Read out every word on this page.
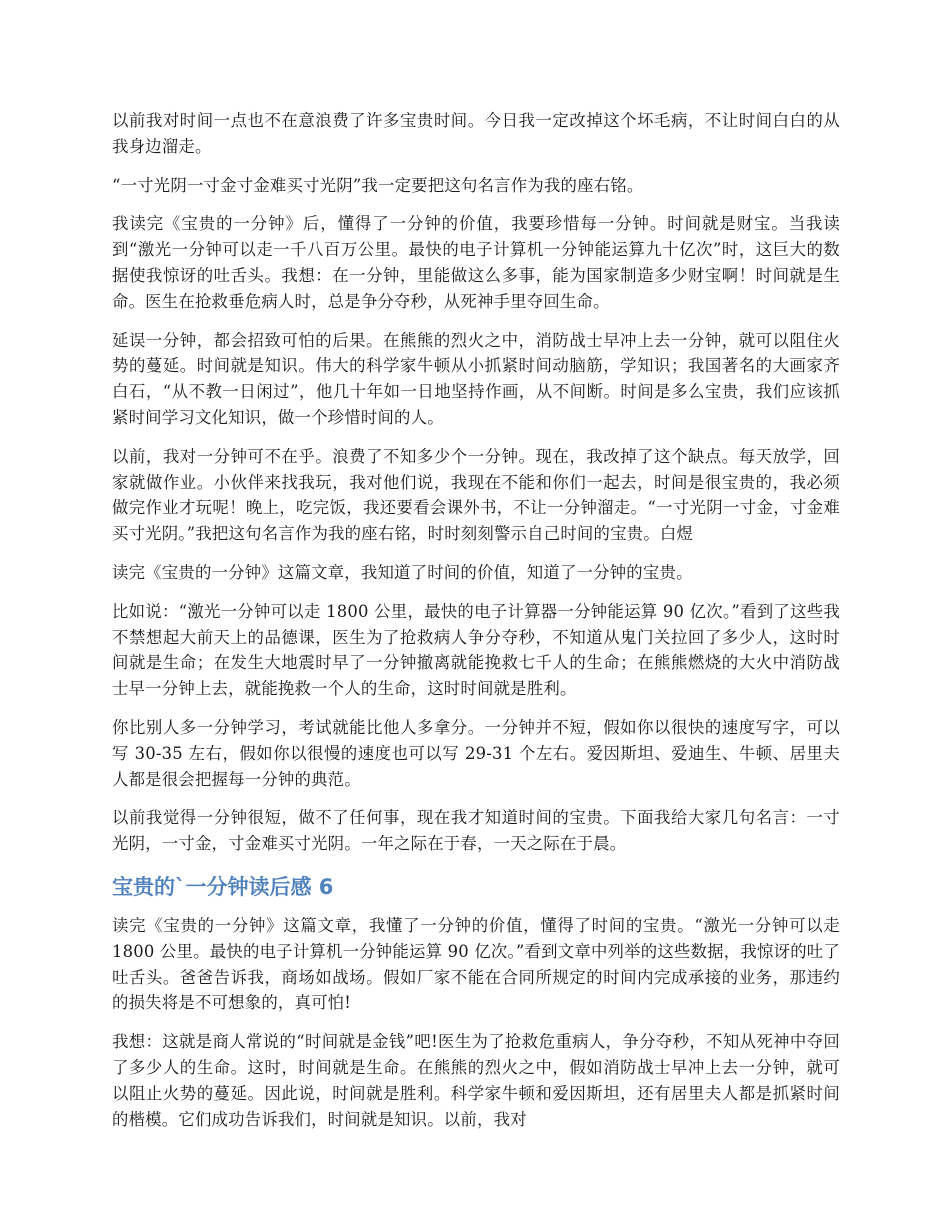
以前我对时间一点也不在意浪费了许多宝贵时间。今日我一定改掉这个坏毛病，不让时间白白的从我身边溜走。

“一寸光阴一寸金寸金难买寸光阴”我一定要把这句名言作为我的座右铭。

我读完《宝贵的一分钟》后，懂得了一分钟的价值，我要珍惜每一分钟。时间就是财宝。当我读到“激光一分钟可以走一千八百万公里。最快的电子计算机一分钟能运算九十亿次”时，这巨大的数据使我惊讶的吐舌头。我想：在一分钟，里能做这么多事，能为国家制造多少财宝啊！时间就是生命。医生在抢救垂危病人时，总是争分夺秒，从死神手里夺回生命。

延误一分钟，都会招致可怕的后果。在熊熊的烈火之中，消防战士早冲上去一分钟，就可以阻住火势的蔓延。时间就是知识。伟大的科学家牛顿从小抓紧时间动脑筋，学知识；我国著名的大画家齐白石，“从不教一日闲过”，他几十年如一日地坚持作画，从不间断。时间是多么宝贵，我们应该抓紧时间学习文化知识，做一个珍惜时间的人。

以前，我对一分钟可不在乎。浪费了不知多少个一分钟。现在，我改掉了这个缺点。每天放学，回家就做作业。小伙伴来找我玩，我对他们说，我现在不能和你们一起去，时间是很宝贵的，我必须做完作业才玩呢！晚上，吃完饭，我还要看会课外书，不让一分钟溜走。“一寸光阴一寸金，寸金难买寸光阴。”我把这句名言作为我的座右铭，时时刻刻警示自己时间的宝贵。白煜

读完《宝贵的一分钟》这篇文章，我知道了时间的价值，知道了一分钟的宝贵。

比如说：“激光一分钟可以走 1800 公里，最快的电子计算器一分钟能运算 90 亿次。”看到了这些我不禁想起大前天上的品德课，医生为了抢救病人争分夺秒，不知道从鬼门关拉回了多少人，这时时间就是生命；在发生大地震时早了一分钟撤离就能挽救七千人的生命；在熊熊燃烧的大火中消防战士早一分钟上去，就能挽救一个人的生命，这时时间就是胜利。

你比别人多一分钟学习，考试就能比他人多拿分。一分钟并不短，假如你以很快的速度写字，可以写 30-35 左右，假如你以很慢的速度也可以写 29-31 个左右。爱因斯坦、爱迪生、牛顿、居里夫人都是很会把握每一分钟的典范。

以前我觉得一分钟很短，做不了任何事，现在我才知道时间的宝贵。下面我给大家几句名言：一寸光阴，一寸金，寸金难买寸光阴。一年之际在于春，一天之际在于晨。

宝贵的`一分钟读后感 6

读完《宝贵的一分钟》这篇文章，我懂了一分钟的价值，懂得了时间的宝贵。“激光一分钟可以走 1800 公里。最快的电子计算机一分钟能运算 90 亿次。”看到文章中列举的这些数据，我惊讶的吐了吐舌头。爸爸告诉我，商场如战场。假如厂家不能在合同所规定的时间内完成承接的业务，那违约的损失将是不可想象的，真可怕!

我想：这就是商人常说的“时间就是金钱”吧!医生为了抢救危重病人，争分夺秒，不知从死神中夺回了多少人的生命。这时，时间就是生命。在熊熊的烈火之中，假如消防战士早冲上去一分钟，就可以阻止火势的蔓延。因此说，时间就是胜利。科学家牛顿和爱因斯坦，还有居里夫人都是抓紧时间的楷模。它们成功告诉我们，时间就是知识。以前，我对
